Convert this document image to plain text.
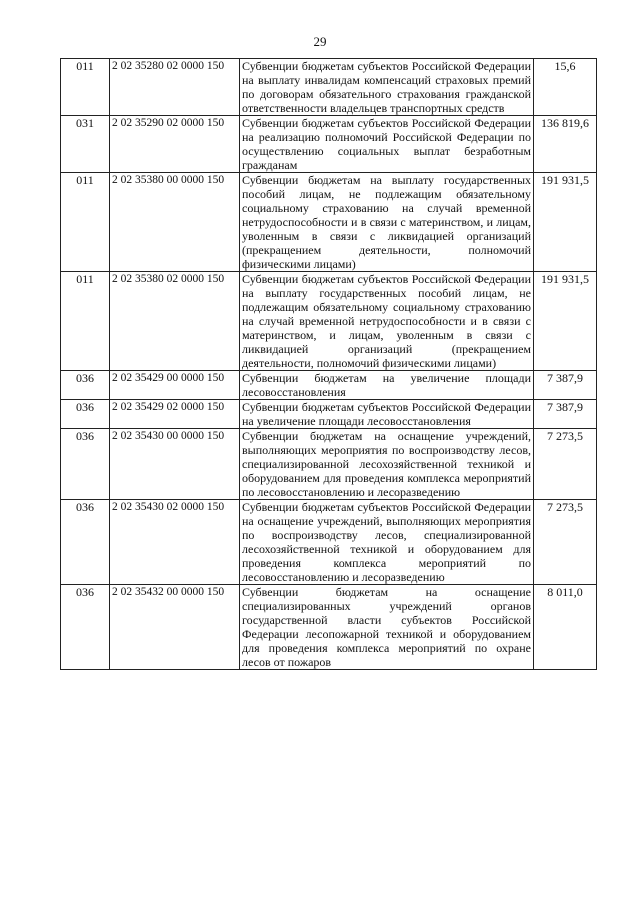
29
011	2 02 35280 02 0000 150	Субвенции бюджетам субъектов Российской Федерации на выплату инвалидам компенсаций страховых премий по договорам обязательного страхования гражданской ответственности владельцев транспортных средств	15,6
031	2 02 35290 02 0000 150	Субвенции бюджетам субъектов Российской Федерации на реализацию полномочий Российской Федерации по осуществлению социальных выплат безработным гражданам	136 819,6
011	2 02 35380 00 0000 150	Субвенции бюджетам на выплату государственных пособий лицам, не подлежащим обязательному социальному страхованию на случай временной нетрудоспособности и в связи с материнством, и лицам, уволенным в связи с ликвидацией организаций (прекращением деятельности, полномочий физическими лицами)	191 931,5
011	2 02 35380 02 0000 150	Субвенции бюджетам субъектов Российской Федерации на выплату государственных пособий лицам, не подлежащим обязательному социальному страхованию на случай временной нетрудоспособности и в связи с материнством, и лицам, уволенным в связи с ликвидацией организаций (прекращением деятельности, полномочий физическими лицами)	191 931,5
036	2 02 35429 00 0000 150	Субвенции бюджетам на увеличение площади лесовосстановления	7 387,9
036	2 02 35429 02 0000 150	Субвенции бюджетам субъектов Российской Федерации на увеличение площади лесовосстановления	7 387,9
036	2 02 35430 00 0000 150	Субвенции бюджетам на оснащение учреждений, выполняющих мероприятия по воспроизводству лесов, специализированной лесохозяйственной техникой и оборудованием для проведения комплекса мероприятий по лесовосстановлению и лесоразведению	7 273,5
036	2 02 35430 02 0000 150	Субвенции бюджетам субъектов Российской Федерации на оснащение учреждений, выполняющих мероприятия по воспроизводству лесов, специализированной лесохозяйственной техникой и оборудованием для проведения комплекса мероприятий по лесовосстановлению и лесоразведению	7 273,5
036	2 02 35432 00 0000 150	Субвенции бюджетам на оснащение специализированных учреждений органов государственной власти субъектов Российской Федерации лесопожарной техникой и оборудованием для проведения комплекса мероприятий по охране лесов от пожаров	8 011,0
